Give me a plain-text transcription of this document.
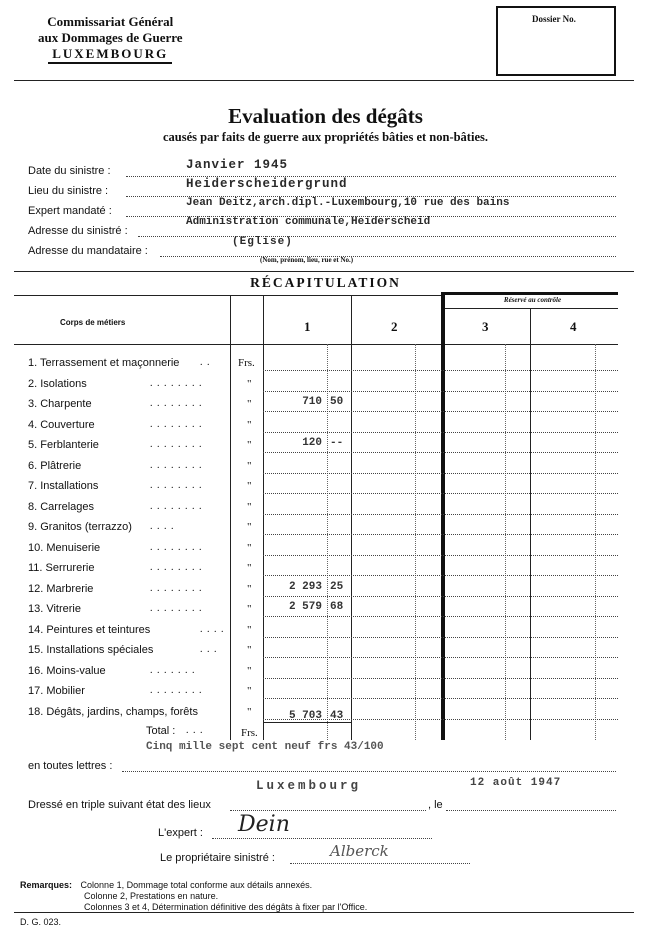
Commissariat Général
aux Dommages de Guerre
LUXEMBOURG
Dossier No.
Evaluation des dégâts
causés par faits de guerre aux propriétés bâties et non-bâties.
Date du sinistre :	Janvier 1945
Lieu du sinistre :	Heiderscheidergrund
Expert mandaté :
Jean Deitz,arch.dipl.-Luxembourg,10 rue des bains
Adresse du sinistré :
Administration communale,Heiderscheid
Adresse du mandataire :
(Eglise)
(Nom, prénom, lieu, rue et No.)
RÉCAPITULATION
Réservé au contrôle
Corps de métiers	1	2	3	4
1. Terrassement et maçonnerie . .	Frs.
2. Isolations	. . . . . . . .	"
3. Charpente	. . . . . . . .	"	710 50
4. Couverture	. . . . . . . .	"
5. Ferblanterie	. . . . . . . .	"	120 --
6. Plâtrerie	. . . . . . . .	"
7. Installations	. . . . . . . .	"
8. Carrelages	. . . . . . . .	"
9. Granitos (terrazzo) . . . .	"
10. Menuiserie	. . . . . . . .	"
11. Serrurerie	. . . . . . . .	"
12. Marbrerie	. . . . . . . .	"	2 293 25
13. Vitrerie	. . . . . . . .	"	2 579 68
14. Peintures et teintures	. . . . "
15. Installations spéciales	. . .	"
16. Moins-value	. . . . . . .	"
17. Mobilier	. . . . . . . .	"
18. Dégâts, jardins, champs, forêts	"
Total : . . .	Frs.
5 703 43
Cinq mille sept cent neuf frs 43/100
en toutes lettres :
Luxembourg	12 août 1947
Dressé en triple suivant état des lieux	, le
L'expert : Dein
Le propriétaire sinistré :	Alberck
Remarques: Colonne 1, Dommage total conforme aux détails annexés.
Colonne 2, Prestations en nature.
Colonnes 3 et 4, Détermination définitive des dégâts à fixer par l'Office.
D. G. 023.
